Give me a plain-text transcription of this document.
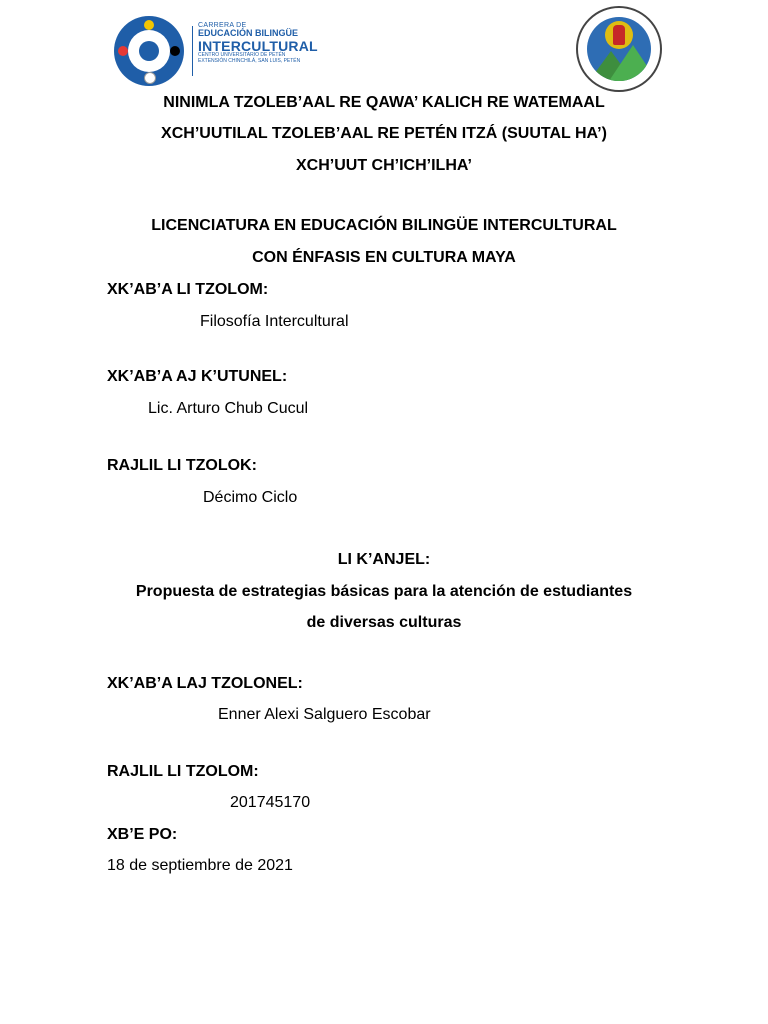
CARRERA DE
EDUCACIÓN BILINGÜE
INTERCULTURAL
CENTRO UNIVERSITARIO DE PETÉN
EXTENSIÓN CHINCHILÁ, SAN LUIS, PETÉN
NINIMLA TZOLEB’AAL RE QAWA’ KALICH RE WATEMAAL
XCH’UUTILAL TZOLEB’AAL RE PETÉN ITZÁ (SUUTAL HA’)
XCH’UUT CH’ICH’ILHA’
LICENCIATURA EN EDUCACIÓN BILINGÜE INTERCULTURAL
CON ÉNFASIS EN CULTURA MAYA
XK’AB’A LI TZOLOM:
Filosofía Intercultural
XK’AB’A AJ K’UTUNEL:
Lic. Arturo Chub Cucul
RAJLIL LI TZOLOK:
Décimo Ciclo
LI K’ANJEL:
Propuesta de estrategias básicas para la atención de estudiantes
de diversas culturas
XK’AB’A LAJ TZOLONEL:
Enner Alexi Salguero Escobar
RAJLIL LI TZOLOM:
201745170
XB’E PO:
18 de septiembre de 2021
